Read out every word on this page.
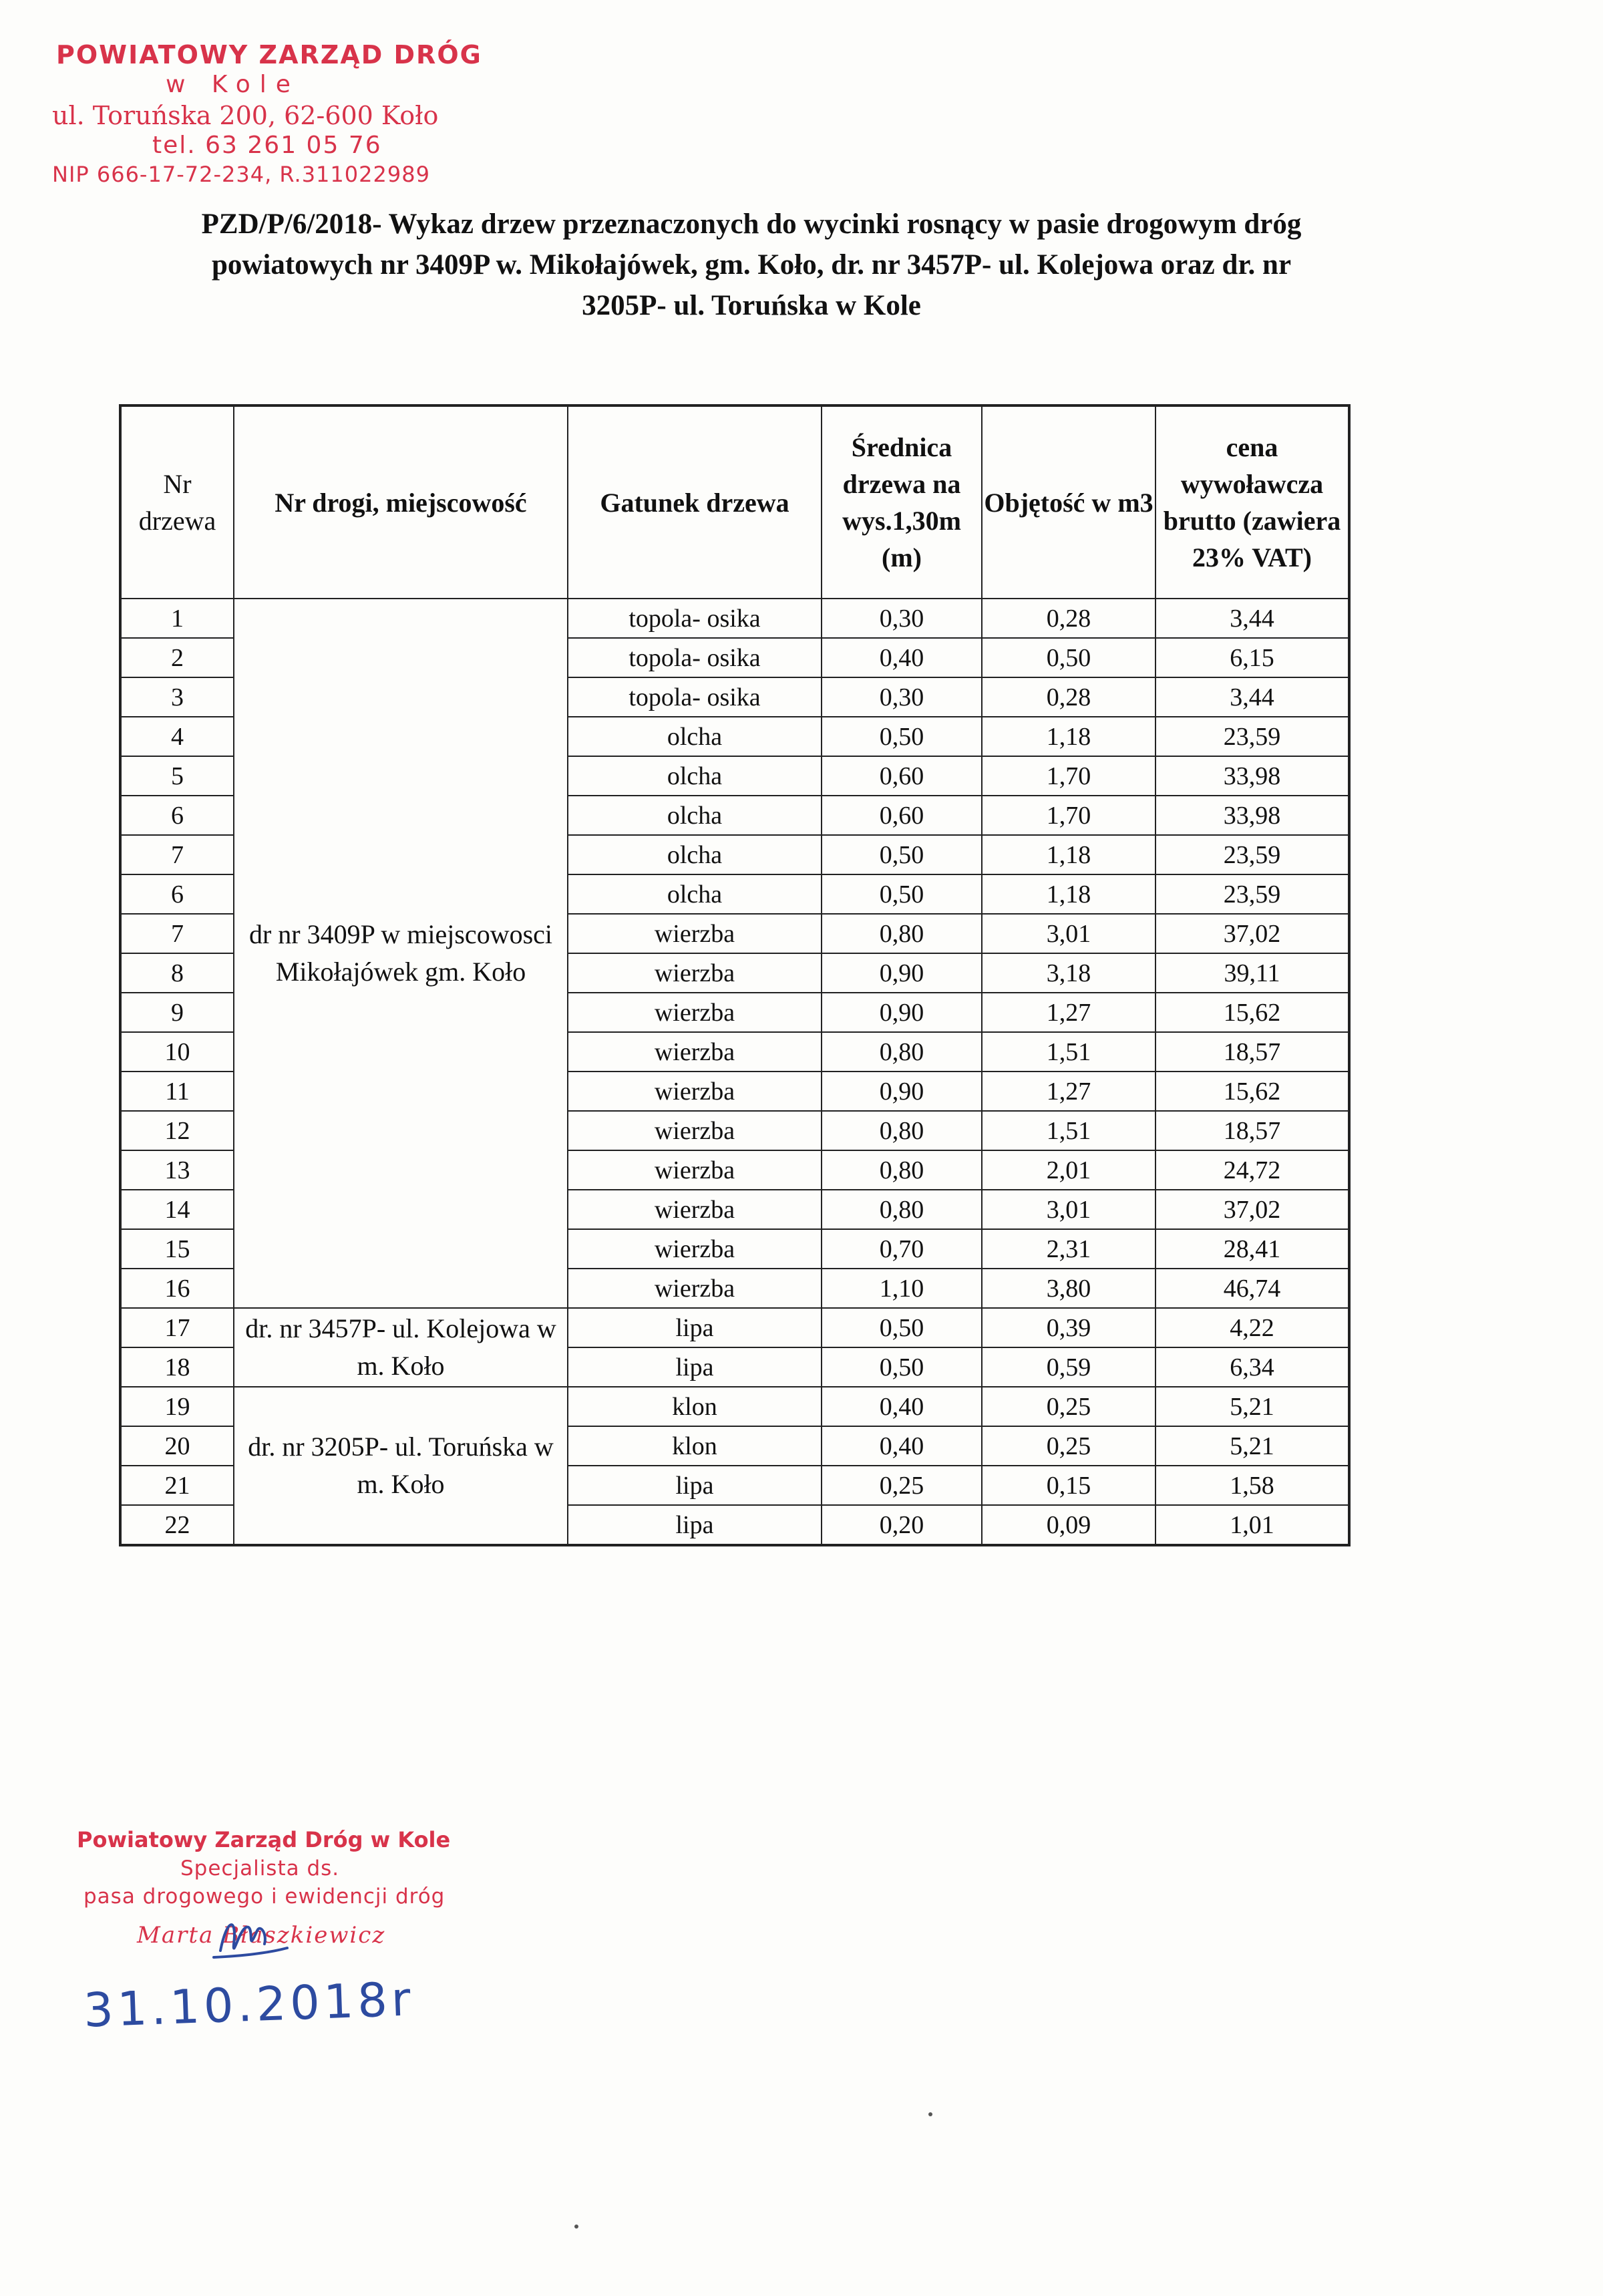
POWIATOWY ZARZĄD DRÓG
w Kole
ul. Toruńska 200, 62-600 Koło
tel. 63 261 05 76
NIP 666-17-72-234, R.311022989
PZD/P/6/2018- Wykaz drzew przeznaczonych do wycinki rosnący w pasie drogowym dróg
powiatowych nr 3409P w. Mikołajówek, gm. Koło, dr. nr 3457P- ul. Kolejowa oraz dr. nr
3205P- ul. Toruńska w Kole
Nr drzewa	Nr drogi, miejscowość	Gatunek drzewa	Średnica drzewa na wys.1,30m (m)	Objętość w m3	cena wywoławcza brutto (zawiera 23% VAT)
1	dr nr 3409P w miejscowosci Mikołajówek gm. Koło	topola- osika	0,30	0,28	3,44
2		topola- osika	0,40	0,50	6,15
3		topola- osika	0,30	0,28	3,44
4		olcha	0,50	1,18	23,59
5		olcha	0,60	1,70	33,98
6		olcha	0,60	1,70	33,98
7		olcha	0,50	1,18	23,59
6		olcha	0,50	1,18	23,59
7		wierzba	0,80	3,01	37,02
8		wierzba	0,90	3,18	39,11
9		wierzba	0,90	1,27	15,62
10		wierzba	0,80	1,51	18,57
11		wierzba	0,90	1,27	15,62
12		wierzba	0,80	1,51	18,57
13		wierzba	0,80	2,01	24,72
14		wierzba	0,80	3,01	37,02
15		wierzba	0,70	2,31	28,41
16		wierzba	1,10	3,80	46,74
17	dr. nr 3457P- ul. Kolejowa w m. Koło	lipa	0,50	0,39	4,22
18		lipa	0,50	0,59	6,34
19	dr. nr 3205P- ul. Toruńska w m. Koło	klon	0,40	0,25	5,21
20		klon	0,40	0,25	5,21
21		lipa	0,25	0,15	1,58
22		lipa	0,20	0,09	1,01
Powiatowy Zarząd Dróg w Kole
Specjalista ds.
pasa drogowego i ewidencji dróg
Marta Błaszkiewicz
31.10.2018r
